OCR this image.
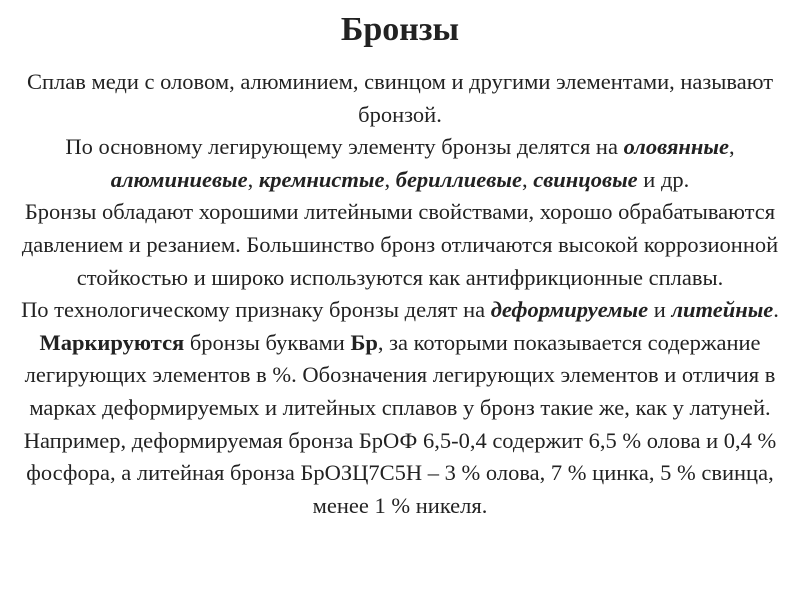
Бронзы

Сплав меди с оловом, алюминием, свинцом и другими элементами, называют бронзой.

По основному легирующему элементу бронзы делятся на оловянные, алюминиевые, кремнистые, бериллиевые, свинцовые и др.

Бронзы обладают хорошими литейными свойствами, хорошо обрабатываются давлением и резанием. Большинство бронз отличаются высокой коррозионной стойкостью и широко используются как антифрикционные сплавы.

По технологическому признаку бронзы делят на деформируемые и литейные.

Маркируются бронзы буквами Бр, за которыми показывается содержание легирующих элементов в %. Обозначения легирующих элементов и отличия в марках деформируемых и литейных сплавов у бронз такие же, как у латуней. Например, деформируемая бронза БрОФ 6,5-0,4 содержит 6,5 % олова и 0,4 % фосфора, а литейная бронза БрОЗЦ7С5Н – 3 % олова, 7 % цинка, 5 % свинца, менее 1 % никеля.
